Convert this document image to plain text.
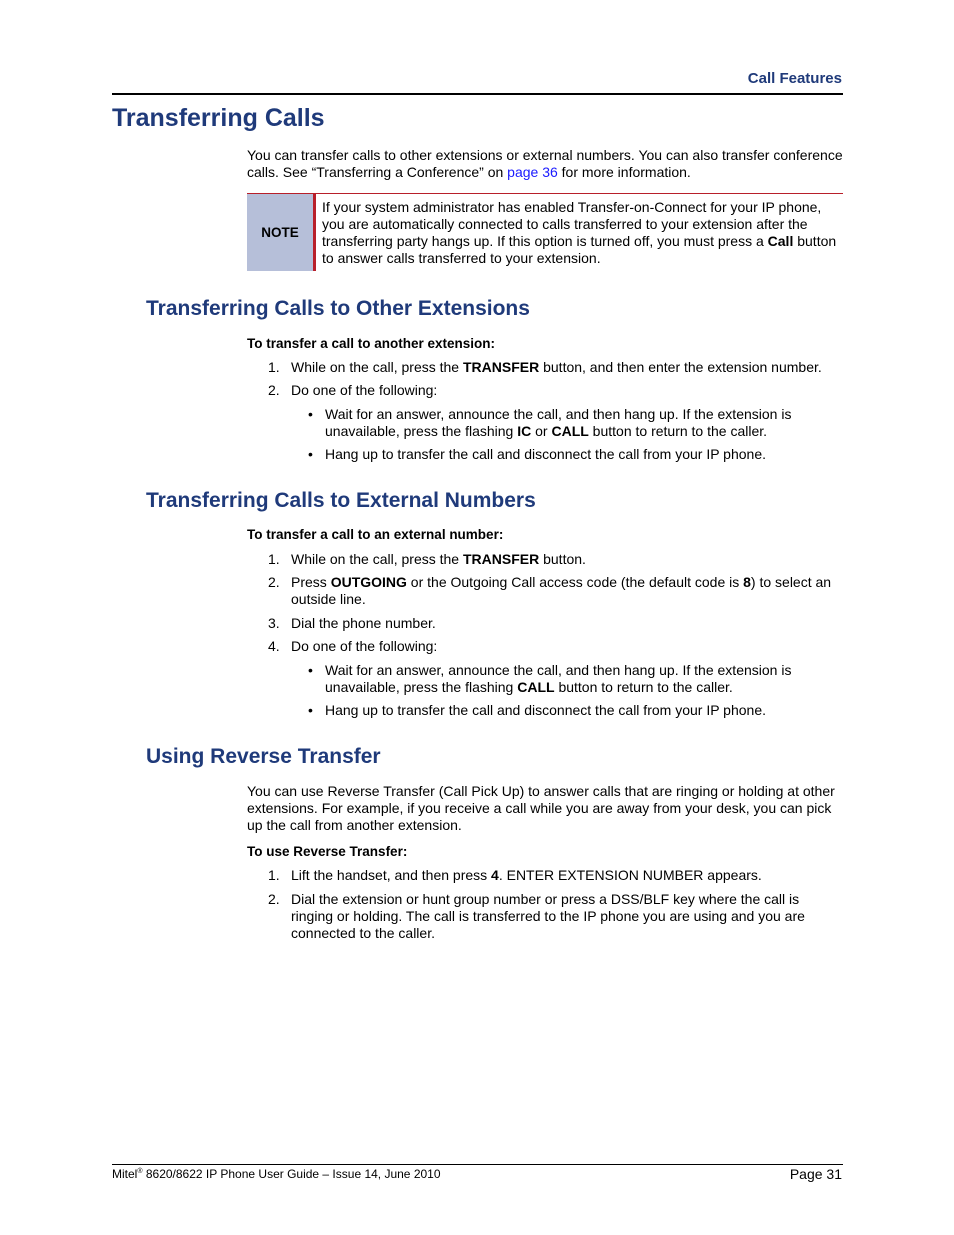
Call Features
Transferring Calls

You can transfer calls to other extensions or external numbers. You can also transfer conference calls. See “Transferring a Conference” on page 36 for more information.

NOTE
If your system administrator has enabled Transfer-on-Connect for your IP phone, you are automatically connected to calls transferred to your extension after the transferring party hangs up. If this option is turned off, you must press a Call button to answer calls transferred to your extension.
Transferring Calls to Other Extensions
To transfer a call to another extension:
1. While on the call, press the TRANSFER button, and then enter the extension number.
2. Do one of the following:
• Wait for an answer, announce the call, and then hang up. If the extension is unavailable, press the flashing IC or CALL button to return to the caller.
• Hang up to transfer the call and disconnect the call from your IP phone.
Transferring Calls to External Numbers
To transfer a call to an external number:
1. While on the call, press the TRANSFER button.
2. Press OUTGOING or the Outgoing Call access code (the default code is 8) to select an outside line.
3. Dial the phone number.
4. Do one of the following:
• Wait for an answer, announce the call, and then hang up. If the extension is unavailable, press the flashing CALL button to return to the caller.
• Hang up to transfer the call and disconnect the call from your IP phone.
Using Reverse Transfer

You can use Reverse Transfer (Call Pick Up) to answer calls that are ringing or holding at other extensions. For example, if you receive a call while you are away from your desk, you can pick up the call from another extension.

To use Reverse Transfer:
1. Lift the handset, and then press 4. ENTER EXTENSION NUMBER appears.
2. Dial the extension or hunt group number or press a DSS/BLF key where the call is ringing or holding. The call is transferred to the IP phone you are using and you are connected to the caller.
Mitel® 8620/8622 IP Phone User Guide – Issue 14, June 2010	Page 31
